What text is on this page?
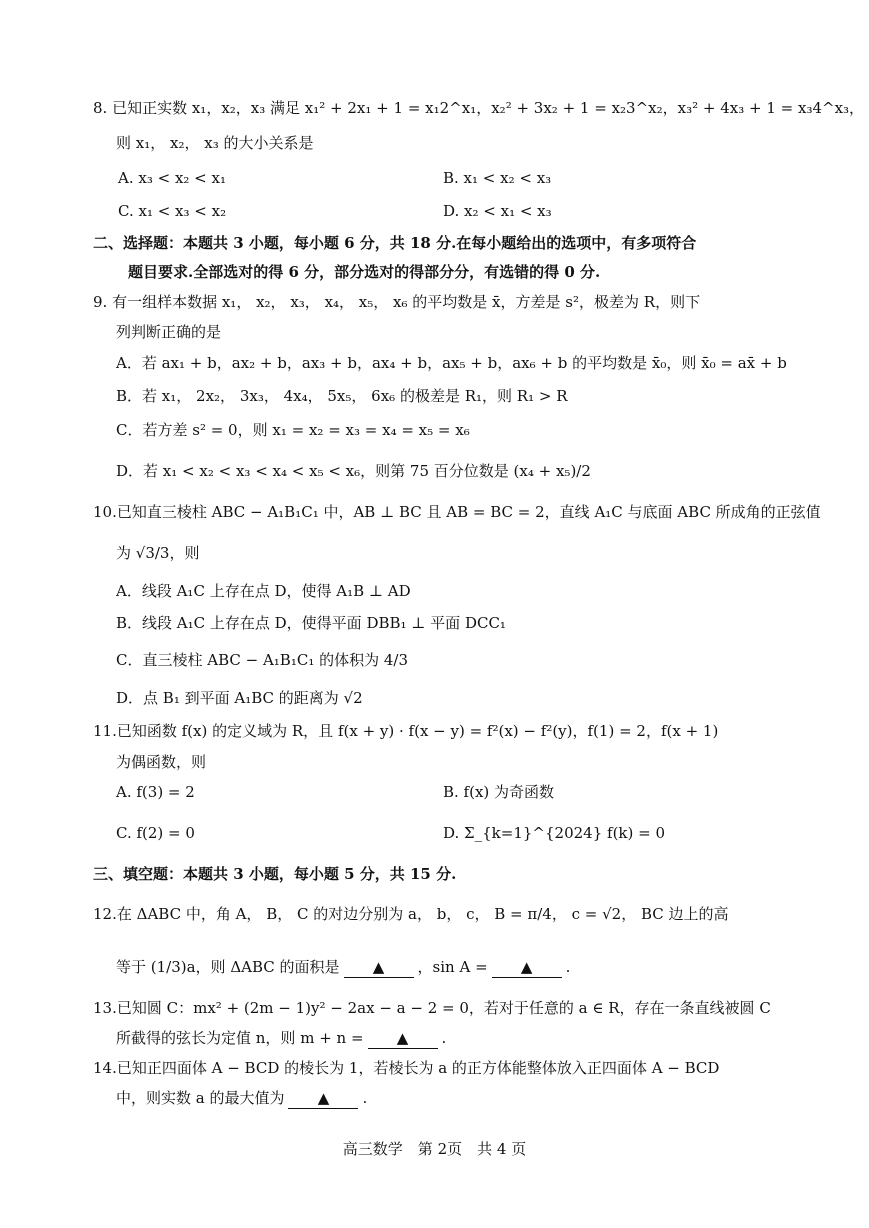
8. 已知正实数 x₁，x₂，x₃ 满足 x₁² + 2x₁ + 1 = x₁2^x₁，x₂² + 3x₂ + 1 = x₂3^x₂，x₃² + 4x₃ + 1 = x₃4^x₃，
则 x₁， x₂， x₃ 的大小关系是
A. x₃ < x₂ < x₁	B. x₁ < x₂ < x₃
C. x₁ < x₃ < x₂	D. x₂ < x₁ < x₃
二、选择题：本题共 3 小题，每小题 6 分，共 18 分.在每小题给出的选项中，有多项符合
题目要求.全部选对的得 6 分，部分选对的得部分分，有选错的得 0 分.
9. 有一组样本数据 x₁， x₂， x₃， x₄， x₅， x₆ 的平均数是 x̄，方差是 s²，极差为 R，则下
列判断正确的是
A．若 ax₁ + b，ax₂ + b，ax₃ + b，ax₄ + b，ax₅ + b，ax₆ + b 的平均数是 x̄₀，则 x̄₀ = ax̄ + b
B．若 x₁， 2x₂， 3x₃， 4x₄， 5x₅， 6x₆ 的极差是 R₁，则 R₁ > R
C．若方差 s² = 0，则 x₁ = x₂ = x₃ = x₄ = x₅ = x₆
D．若 x₁ < x₂ < x₃ < x₄ < x₅ < x₆，则第 75 百分位数是 (x₄ + x₅)/2
10.已知直三棱柱 ABC − A₁B₁C₁ 中，AB ⊥ BC 且 AB = BC = 2，直线 A₁C 与底面 ABC 所成角的正弦值
为 √3/3，则
A．线段 A₁C 上存在点 D，使得 A₁B ⊥ AD
B．线段 A₁C 上存在点 D，使得平面 DBB₁ ⊥ 平面 DCC₁
C．直三棱柱 ABC − A₁B₁C₁ 的体积为 4/3
D．点 B₁ 到平面 A₁BC 的距离为 √2
11.已知函数 f(x) 的定义域为 R，且 f(x + y) · f(x − y) = f²(x) − f²(y)，f(1) = 2，f(x + 1)
为偶函数，则
A. f(3) = 2	B. f(x) 为奇函数
C. f(2) = 0	D. Σ_{k=1}^{2024} f(k) = 0
三、填空题：本题共 3 小题，每小题 5 分，共 15 分.
12.在 ΔABC 中，角 A， B， C 的对边分别为 a， b， c， B = π/4， c = √2， BC 边上的高
等于 (1/3)a，则 ΔABC 的面积是 ▲ ，sin A = ▲ .
13.已知圆 C：mx² + (2m − 1)y² − 2ax − a − 2 = 0，若对于任意的 a ∈ R，存在一条直线被圆 C
所截得的弦长为定值 n，则 m + n = ▲ .
14.已知正四面体 A − BCD 的棱长为 1，若棱长为 a 的正方体能整体放入正四面体 A − BCD
中，则实数 a 的最大值为 ▲ .
高三数学　第 2页　共 4 页
